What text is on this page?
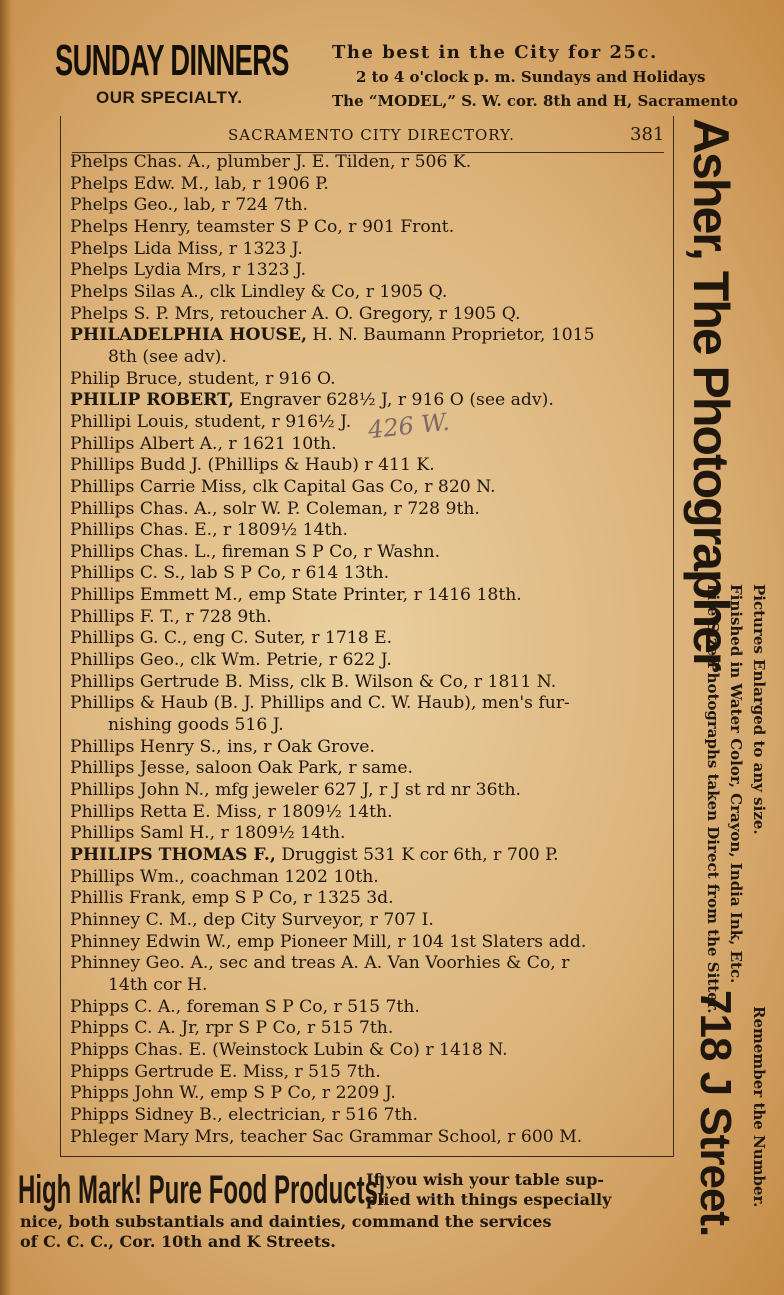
SUNDAY DINNERS
OUR SPECIALTY.
The best in the City for 25c.
2 to 4 o'clock p. m. Sundays and Holidays
The “MODEL,” S. W. cor. 8th and H, Sacramento
SACRAMENTO CITY DIRECTORY.	381
Phelps Chas. A., plumber J. E. Tilden, r 506 K.
Phelps Edw. M., lab, r 1906 P.
Phelps Geo., lab, r 724 7th.
Phelps Henry, teamster S P Co, r 901 Front.
Phelps Lida Miss, r 1323 J.
Phelps Lydia Mrs, r 1323 J.
Phelps Silas A., clk Lindley & Co, r 1905 Q.
Phelps S. P. Mrs, retoucher A. O. Gregory, r 1905 Q.
PHILADELPHIA HOUSE, H. N. Baumann Proprietor, 1015
8th (see adv).
Philip Bruce, student, r 916 O.
PHILIP ROBERT, Engraver 628½ J, r 916 O (see adv).
Phillipi Louis, student, r 916½ J.
Phillips Albert A., r 1621 10th.
Phillips Budd J. (Phillips & Haub) r 411 K.
Phillips Carrie Miss, clk Capital Gas Co, r 820 N.
Phillips Chas. A., solr W. P. Coleman, r 728 9th.
Phillips Chas. E., r 1809½ 14th.
Phillips Chas. L., fireman S P Co, r Washn.
Phillips C. S., lab S P Co, r 614 13th.
Phillips Emmett M., emp State Printer, r 1416 18th.
Phillips F. T., r 728 9th.
Phillips G. C., eng C. Suter, r 1718 E.
Phillips Geo., clk Wm. Petrie, r 622 J.
Phillips Gertrude B. Miss, clk B. Wilson & Co, r 1811 N.
Phillips & Haub (B. J. Phillips and C. W. Haub), men's fur-
nishing goods 516 J.
Phillips Henry S., ins, r Oak Grove.
Phillips Jesse, saloon Oak Park, r same.
Phillips John N., mfg jeweler 627 J, r J st rd nr 36th.
Phillips Retta E. Miss, r 1809½ 14th.
Phillips Saml H., r 1809½ 14th.
PHILIPS THOMAS F., Druggist 531 K cor 6th, r 700 P.
Phillips Wm., coachman 1202 10th.
Phillis Frank, emp S P Co, r 1325 3d.
Phinney C. M., dep City Surveyor, r 707 I.
Phinney Edwin W., emp Pioneer Mill, r 104 1st Slaters add.
Phinney Geo. A., sec and treas A. A. Van Voorhies & Co, r
14th cor H.
Phipps C. A., foreman S P Co, r 515 7th.
Phipps C. A. Jr, rpr S P Co, r 515 7th.
Phipps Chas. E. (Weinstock Lubin & Co) r 1418 N.
Phipps Gertrude E. Miss, r 515 7th.
Phipps John W., emp S P Co, r 2209 J.
Phipps Sidney B., electrician, r 516 7th.
Phleger Mary Mrs, teacher Sac Grammar School, r 600 M.
426 W.	Asher, The Photographer
Pictures Enlarged to any size.
Finished in Water Color, Crayon, India Ink, Etc.
Life Size Photographs taken Direct from the Sitter.
718 J Street. Remember the Number.
High Mark! Pure Food Products!
If you wish your table sup-
plied with things especially
nice, both substantials and dainties, command the services
of C. C. C., Cor. 10th and K Streets.
